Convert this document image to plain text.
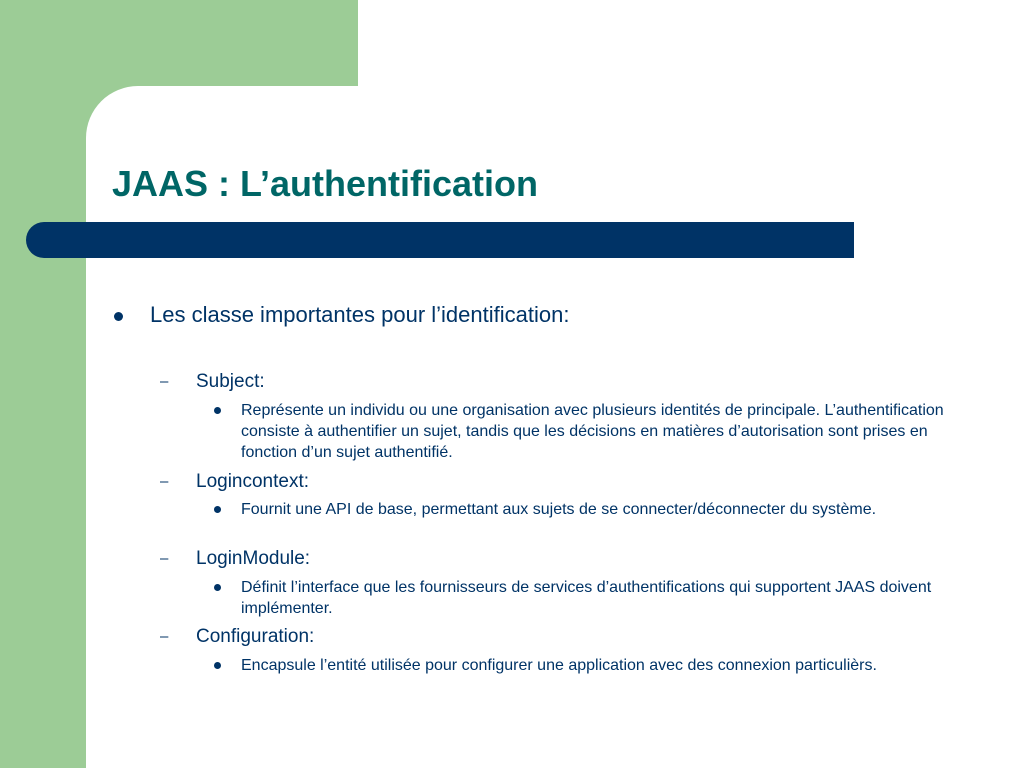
JAAS : L’authentification
Les classe importantes pour l’identification:
– Subject:
Représente un individu ou une organisation avec plusieurs identités de principale. L’authentification consiste à authentifier un sujet, tandis que les décisions en matières d’autorisation sont prises en fonction d’un sujet authentifié.
– Logincontext:
Fournit une API de base, permettant aux sujets de se connecter/déconnecter du système.
– LoginModule:
Définit l’interface que les fournisseurs de services d’authentifications qui supportent JAAS doivent implémenter.
– Configuration:
Encapsule l’entité utilisée pour configurer une application avec des connexion particulièrs.
